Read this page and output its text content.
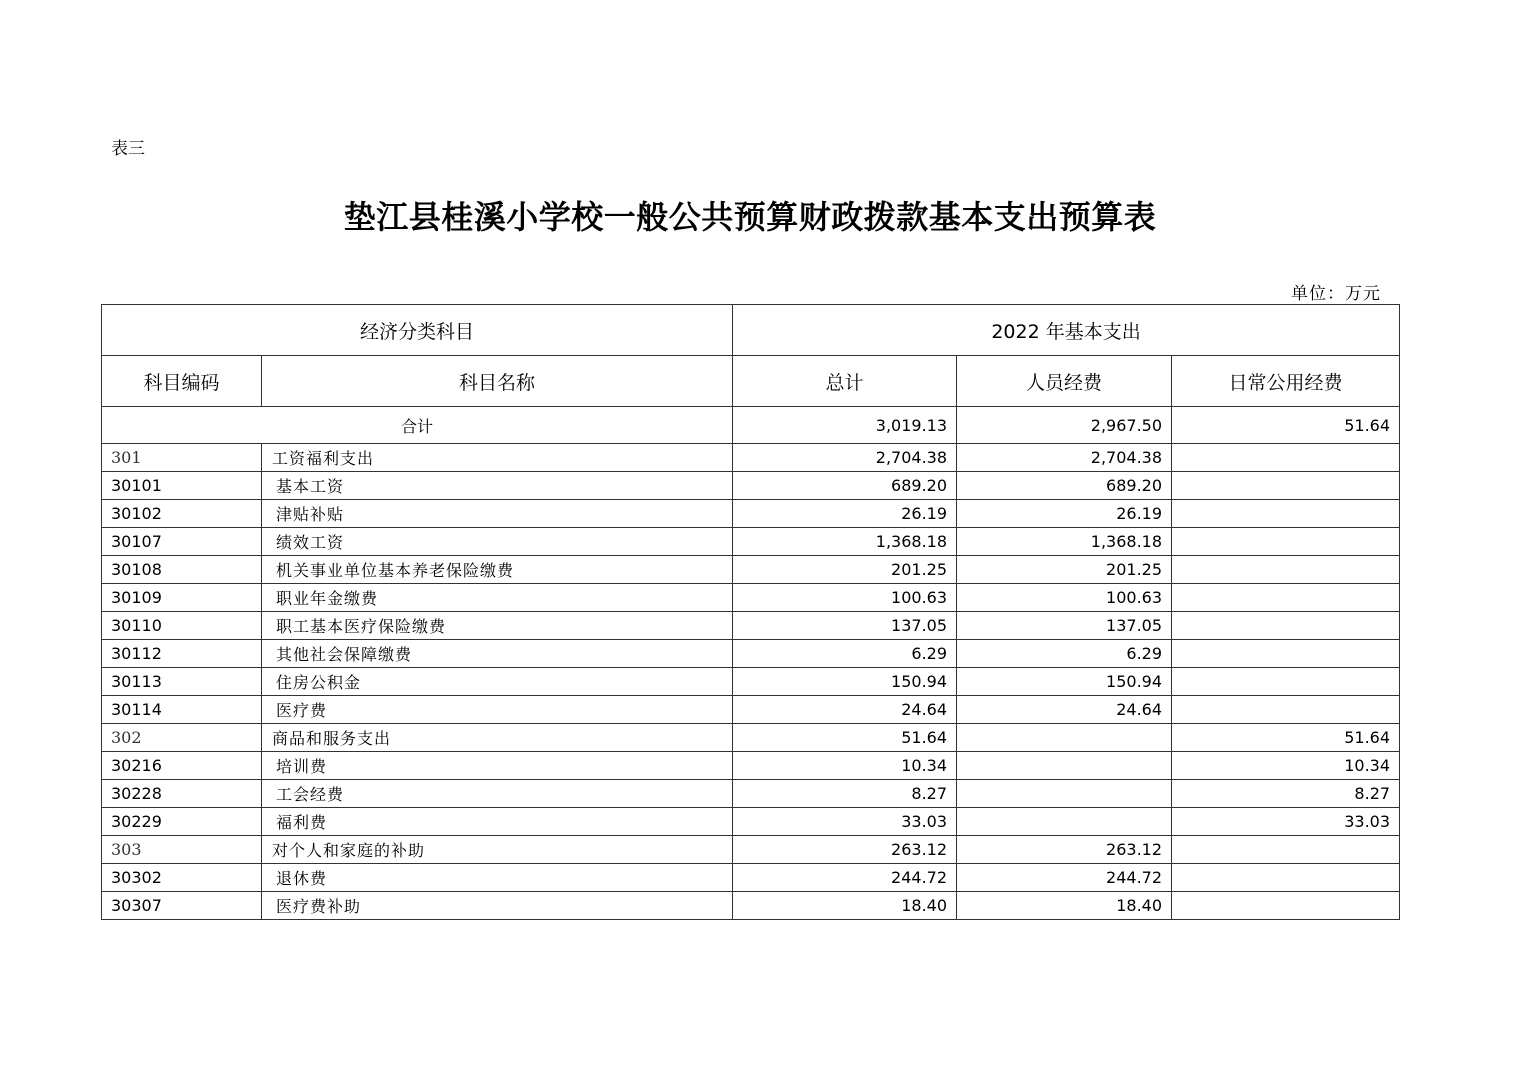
表三
垫江县桂溪小学校一般公共预算财政拨款基本支出预算表
单位：万元
经济分类科目		2022 年基本支出		
科目编码	科目名称	总计	人员经费	日常公用经费
合计		3,019.13	2,967.50	51.64
301	工资福利支出	2,704.38	2,704.38	
30101	基本工资	689.20	689.20	
30102	津贴补贴	26.19	26.19	
30107	绩效工资	1,368.18	1,368.18	
30108	机关事业单位基本养老保险缴费	201.25	201.25	
30109	职业年金缴费	100.63	100.63	
30110	职工基本医疗保险缴费	137.05	137.05	
30112	其他社会保障缴费	6.29	6.29	
30113	住房公积金	150.94	150.94	
30114	医疗费	24.64	24.64	
302	商品和服务支出	51.64		51.64
30216	培训费	10.34		10.34
30228	工会经费	8.27		8.27
30229	福利费	33.03		33.03
303	对个人和家庭的补助	263.12	263.12	
30302	退休费	244.72	244.72	
30307	医疗费补助	18.40	18.40	
